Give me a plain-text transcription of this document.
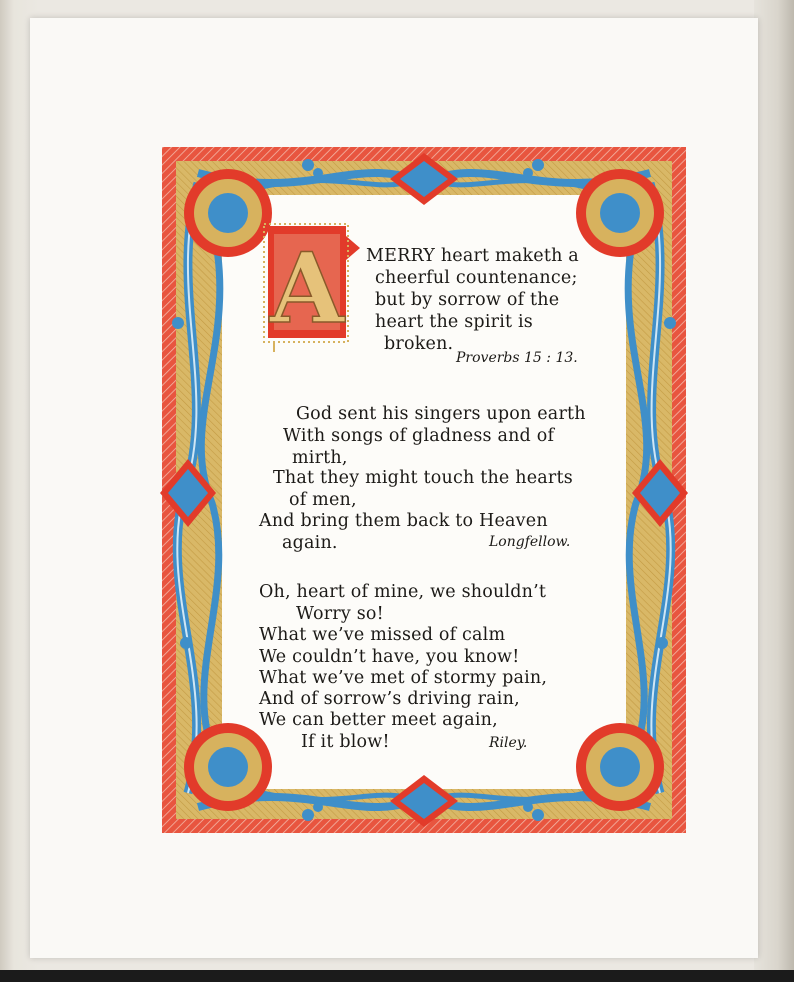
A MERRY heart maketh a
cheerful countenance;
but by sorrow of the
heart the spirit is
broken.
Proverbs 15 : 13.
God sent his singers upon earth
With songs of gladness and of
mirth,
That they might touch the hearts
of men,
And bring them back to Heaven
again.	Longfellow.
Oh, heart of mine, we shouldn’t
Worry so!
What we’ve missed of calm
We couldn’t have, you know!
What we’ve met of stormy pain,
And of sorrow’s driving rain,
We can better meet again,
If it blow!	Riley.
